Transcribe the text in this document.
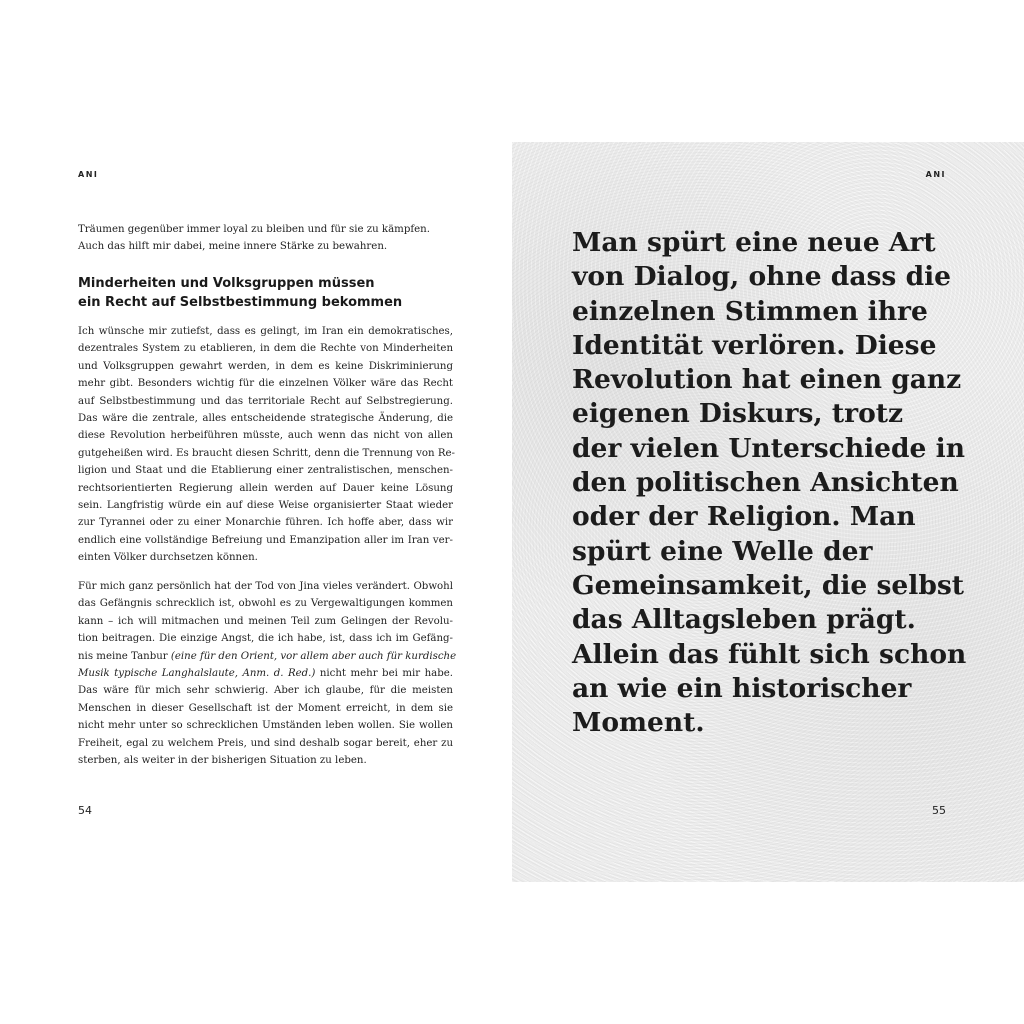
ANI

Träumen gegenüber immer loyal zu bleiben und für sie zu kämpfen.
Auch das hilft mir dabei, meine innere Stärke zu bewahren.

Minderheiten und Volksgruppen müssen
ein Recht auf Selbstbestimmung bekommen

Ich wünsche mir zutiefst, dass es gelingt, im Iran ein demokratisches,
dezentrales System zu etablieren, in dem die Rechte von Minderheiten
und Volksgruppen gewahrt werden, in dem es keine Diskriminierung
mehr gibt. Besonders wichtig für die einzelnen Völker wäre das Recht
auf Selbstbestimmung und das territoriale Recht auf Selbstregierung.
Das wäre die zentrale, alles entscheidende strategische Änderung, die
diese Revolution herbeiführen müsste, auch wenn das nicht von allen
gutgeheißen wird. Es braucht diesen Schritt, denn die Trennung von Re-
ligion und Staat und die Etablierung einer zentralistischen, menschen-
rechtsorientierten Regierung allein werden auf Dauer keine Lösung
sein. Langfristig würde ein auf diese Weise organisierter Staat wieder
zur Tyrannei oder zu einer Monarchie führen. Ich hoffe aber, dass wir
endlich eine vollständige Befreiung und Emanzipation aller im Iran ver-
einten Völker durchsetzen können.

Für mich ganz persönlich hat der Tod von Jina vieles verändert. Obwohl
das Gefängnis schrecklich ist, obwohl es zu Vergewaltigungen kommen
kann – ich will mitmachen und meinen Teil zum Gelingen der Revolu-
tion beitragen. Die einzige Angst, die ich habe, ist, dass ich im Gefäng-
nis meine Tanbur (eine für den Orient, vor allem aber auch für kurdische
Musik typische Langhalslaute, Anm. d. Red.) nicht mehr bei mir habe.
Das wäre für mich sehr schwierig. Aber ich glaube, für die meisten
Menschen in dieser Gesellschaft ist der Moment erreicht, in dem sie
nicht mehr unter so schrecklichen Umständen leben wollen. Sie wollen
Freiheit, egal zu welchem Preis, und sind deshalb sogar bereit, eher zu
sterben, als weiter in der bisherigen Situation zu leben.

54
ANI

Man spürt eine neue Art
von Dialog, ohne dass die
einzelnen Stimmen ihre
Identität verlören. Diese
Revolution hat einen ganz
eigenen Diskurs, trotz
der vielen Unterschiede in
den politischen Ansichten
oder der Religion. Man
spürt eine Welle der
Gemeinsamkeit, die selbst
das Alltagsleben prägt.
Allein das fühlt sich schon
an wie ein historischer
Moment.

55
